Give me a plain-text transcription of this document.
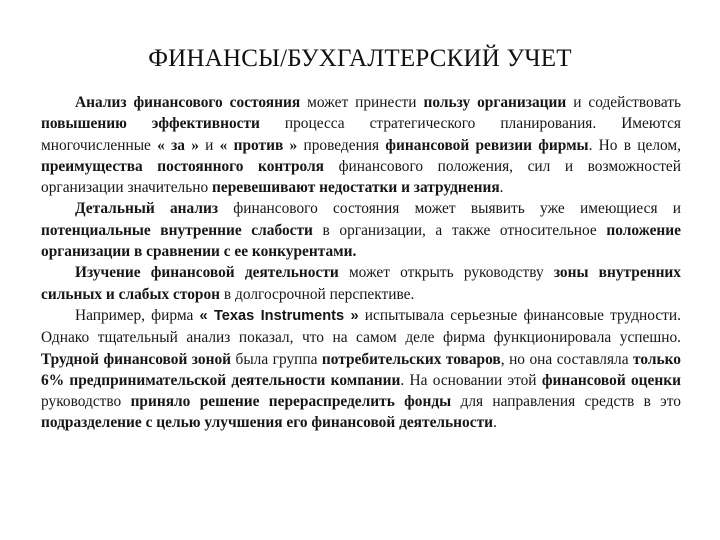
ФИНАНСЫ/БУХГАЛТЕРСКИЙ УЧЕТ

Анализ финансового состояния может принести пользу организации и содействовать повышению эффективности процесса стратегического планирования. Имеются многочисленные « за » и « против » проведения финансовой ревизии фирмы. Но в целом, преимущества постоянного контроля финансового положения, сил и возможностей организации значительно перевешивают недостатки и затруднения.

Детальный анализ финансового состояния может выявить уже имеющиеся и потенциальные внутренние слабости в организации, а также относительное положение организации в сравнении с ее конкурентами.

Изучение финансовой деятельности может открыть руководству зоны внутренних сильных и слабых сторон в долгосрочной перспективе.

Например, фирма « Texas Instruments » испытывала серьезные финансовые трудности. Однако тщательный анализ показал, что на самом деле фирма функционировала успешно. Трудной финансовой зоной была группа потребительских товаров, но она составляла только 6% предпринимательской деятельности компании. На основании этой финансовой оценки руководство приняло решение перераспределить фонды для направления средств в это подразделение с целью улучшения его финансовой деятельности.
